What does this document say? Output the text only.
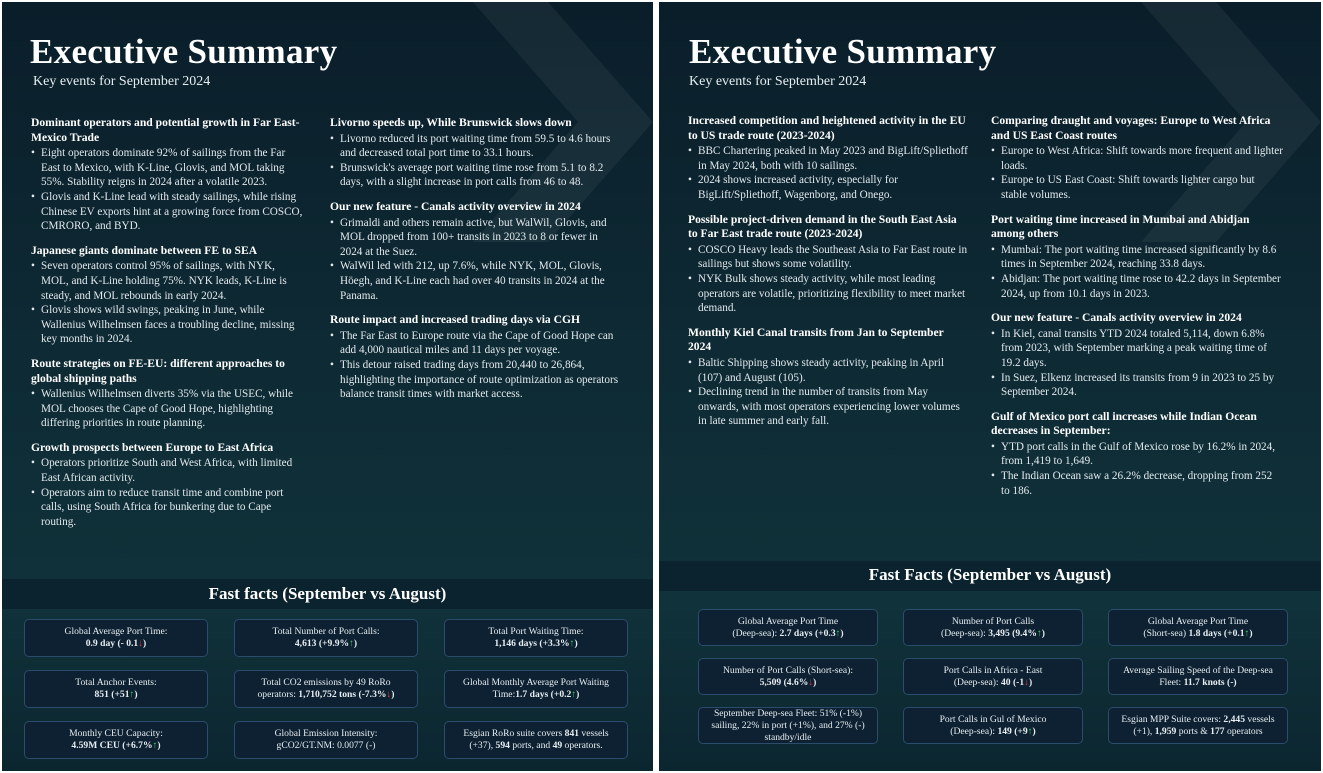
Executive Summary
Key events for September 2024
Dominant operators and potential growth in Far East-Mexico Trade
• Eight operators dominate 92% of sailings from the Far East to Mexico, with K-Line, Glovis, and MOL taking 55%. Stability reigns in 2024 after a volatile 2023.
• Glovis and K-Line lead with steady sailings, while rising Chinese EV exports hint at a growing force from COSCO, CMRORO, and BYD.
Japanese giants dominate between FE to SEA
• Seven operators control 95% of sailings, with NYK, MOL, and K-Line holding 75%. NYK leads, K-Line is steady, and MOL rebounds in early 2024.
• Glovis shows wild swings, peaking in June, while Wallenius Wilhelmsen faces a troubling decline, missing key months in 2024.
Route strategies on FE-EU: different approaches to global shipping paths
• Wallenius Wilhelmsen diverts 35% via the USEC, while MOL chooses the Cape of Good Hope, highlighting differing priorities in route planning.
Growth prospects between Europe to East Africa
• Operators prioritize South and West Africa, with limited East African activity.
• Operators aim to reduce transit time and combine port calls, using South Africa for bunkering due to Cape routing.
Livorno speeds up, While Brunswick slows down
• Livorno reduced its port waiting time from 59.5 to 4.6 hours and decreased total port time to 33.1 hours.
• Brunswick's average port waiting time rose from 5.1 to 8.2 days, with a slight increase in port calls from 46 to 48.
Our new feature - Canals activity overview in 2024
• Grimaldi and others remain active, but WalWil, Glovis, and MOL dropped from 100+ transits in 2023 to 8 or fewer in 2024 at the Suez.
• WalWil led with 212, up 7.6%, while NYK, MOL, Glovis, Höegh, and K-Line each had over 40 transits in 2024 at the Panama.
Route impact and increased trading days via CGH
• The Far East to Europe route via the Cape of Good Hope can add 4,000 nautical miles and 11 days per voyage.
• This detour raised trading days from 20,440 to 26,864, highlighting the importance of route optimization as operators balance transit times with market access.
Fast facts (September vs August)
Global Average Port Time:
0.9 day (- 0.1↓)
Total Number of Port Calls:
4,613 (+9.9%↑)
Total Port Waiting Time:
1,146 days (+3.3%↑)
Total Anchor Events:
851 (+51↑)
Total CO2 emissions by 49 RoRo
operators: 1,710,752 tons (-7.3%↓)
Global Monthly Average Port Waiting
Time:1.7 days (+0.2↑)
Monthly CEU Capacity:
4.59M CEU (+6.7%↑)
Global Emission Intensity:
gCO2/GT.NM: 0.0077 (-)
Esgian RoRo suite covers 841 vessels (+37), 594 ports, and 49 operators.
Executive Summary
Key events for September 2024
Increased competition and heightened activity in the EU to US trade route (2023-2024)
• BBC Chartering peaked in May 2023 and BigLift/Spliethoff in May 2024, both with 10 sailings.
• 2024 shows increased activity, especially for BigLift/Spliethoff, Wagenborg, and Onego.
Possible project-driven demand in the South East Asia to Far East trade route (2023-2024)
• COSCO Heavy leads the Southeast Asia to Far East route in sailings but shows some volatility.
• NYK Bulk shows steady activity, while most leading operators are volatile, prioritizing flexibility to meet market demand.
Monthly Kiel Canal transits from Jan to September 2024
• Baltic Shipping shows steady activity, peaking in April (107) and August (105).
• Declining trend in the number of transits from May onwards, with most operators experiencing lower volumes in late summer and early fall.
Comparing draught and voyages: Europe to West Africa and US East Coast routes
• Europe to West Africa: Shift towards more frequent and lighter loads.
• Europe to US East Coast: Shift towards lighter cargo but stable volumes.
Port waiting time increased in Mumbai and Abidjan among others
• Mumbai: The port waiting time increased significantly by 8.6 times in September 2024, reaching 33.8 days.
• Abidjan: The port waiting time rose to 42.2 days in September 2024, up from 10.1 days in 2023.
Our new feature - Canals activity overview in 2024
• In Kiel, canal transits YTD 2024 totaled 5,114, down 6.8% from 2023, with September marking a peak waiting time of 19.2 days.
• In Suez, Elkenz increased its transits from 9 in 2023 to 25 by September 2024.
Gulf of Mexico port call increases while Indian Ocean decreases in September:
• YTD port calls in the Gulf of Mexico rose by 16.2% in 2024, from 1,419 to 1,649.
• The Indian Ocean saw a 26.2% decrease, dropping from 252 to 186.
Fast Facts (September vs August)
Global Average Port Time
(Deep-sea): 2.7 days (+0.3↑)
Number of Port Calls
(Deep-sea): 3,495 (9.4%↑)
Global Average Port Time
(Short-sea) 1.8 days (+0.1↑)
Number of Port Calls (Short-sea):
5,509 (4.6%↓)
Port Calls in Africa - East
(Deep-sea): 40 (-1↓)
Average Sailing Speed of the Deep-sea
Fleet: 11.7 knots (-)
September Deep-sea Fleet: 51% (-1%) sailing, 22% in port (+1%), and 27% (-) standby/idle
Port Calls in Gul of Mexico
(Deep-sea): 149 (+9↑)
Esgian MPP Suite covers: 2,445 vessels (+1), 1,959 ports & 177 operators
